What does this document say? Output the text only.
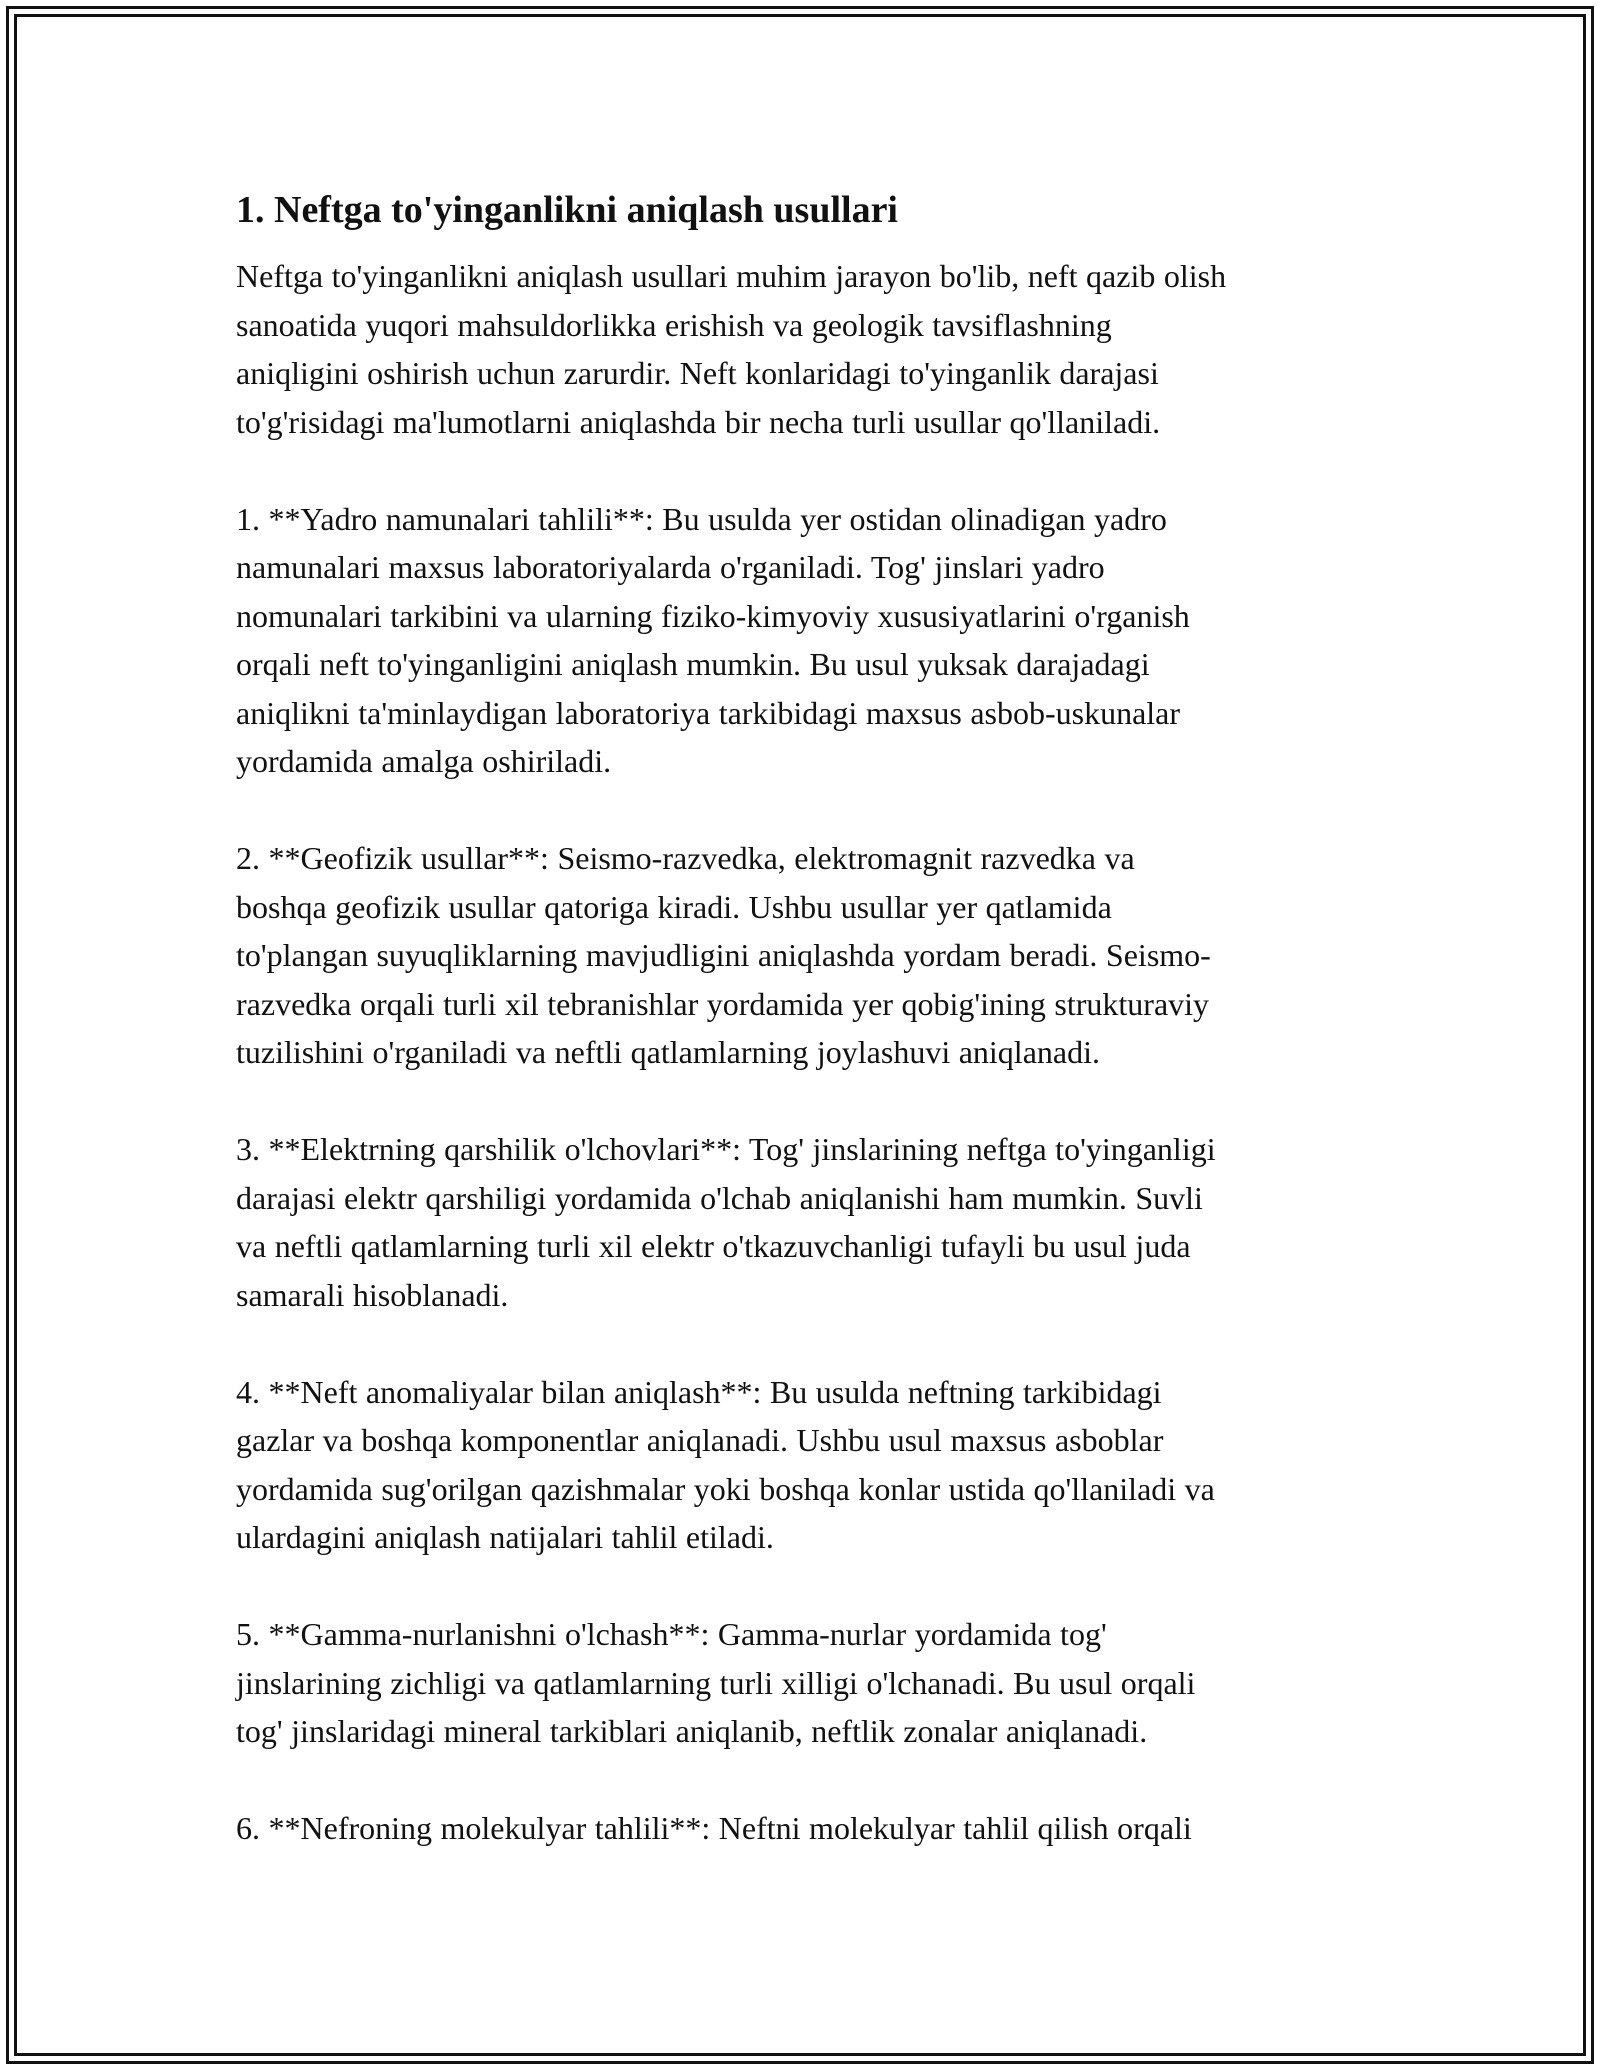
1. Neftga to'yinganlikni aniqlash usullari

Neftga to'yinganlikni aniqlash usullari muhim jarayon bo'lib, neft qazib olish
sanoatida yuqori mahsuldorlikka erishish va geologik tavsiflashning
aniqligini oshirish uchun zarurdir. Neft konlaridagi to'yinganlik darajasi
to'g'risidagi ma'lumotlarni aniqlashda bir necha turli usullar qo'llaniladi.

1. **Yadro namunalari tahlili**: Bu usulda yer ostidan olinadigan yadro
namunalari maxsus laboratoriyalarda o'rganiladi. Tog' jinslari yadro
nomunalari tarkibini va ularning fiziko-kimyoviy xususiyatlarini o'rganish
orqali neft to'yinganligini aniqlash mumkin. Bu usul yuksak darajadagi
aniqlikni ta'minlaydigan laboratoriya tarkibidagi maxsus asbob-uskunalar
yordamida amalga oshiriladi.

2. **Geofizik usullar**: Seismo-razvedka, elektromagnit razvedka va
boshqa geofizik usullar qatoriga kiradi. Ushbu usullar yer qatlamida
to'plangan suyuqliklarning mavjudligini aniqlashda yordam beradi. Seismo-
razvedka orqali turli xil tebranishlar yordamida yer qobig'ining strukturaviy
tuzilishini o'rganiladi va neftli qatlamlarning joylashuvi aniqlanadi.

3. **Elektrning qarshilik o'lchovlari**: Tog' jinslarining neftga to'yinganligi
darajasi elektr qarshiligi yordamida o'lchab aniqlanishi ham mumkin. Suvli
va neftli qatlamlarning turli xil elektr o'tkazuvchanligi tufayli bu usul juda
samarali hisoblanadi.

4. **Neft anomaliyalar bilan aniqlash**: Bu usulda neftning tarkibidagi
gazlar va boshqa komponentlar aniqlanadi. Ushbu usul maxsus asboblar
yordamida sug'orilgan qazishmalar yoki boshqa konlar ustida qo'llaniladi va
ulardagini aniqlash natijalari tahlil etiladi.

5. **Gamma-nurlanishni o'lchash**: Gamma-nurlar yordamida tog'
jinslarining zichligi va qatlamlarning turli xilligi o'lchanadi. Bu usul orqali
tog' jinslaridagi mineral tarkiblari aniqlanib, neftlik zonalar aniqlanadi.

6. **Nefroning molekulyar tahlili**: Neftni molekulyar tahlil qilish orqali
